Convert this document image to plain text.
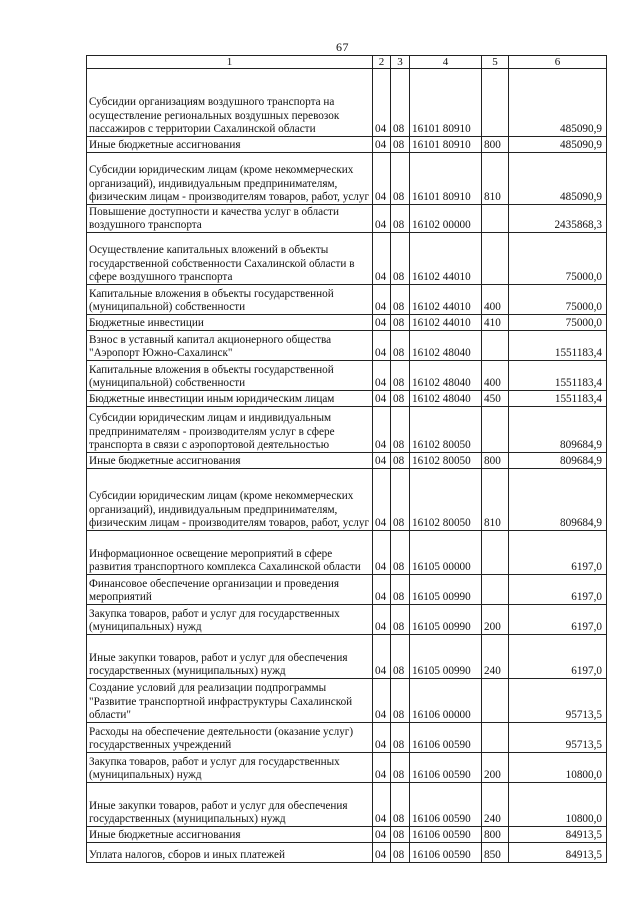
67
1	2	3	4	5	6
Субсидии организациям воздушного транспорта на осуществление региональных воздушных перевозок пассажиров с территории Сахалинской области	04	08	16101 80910		485090,9
Иные бюджетные ассигнования	04	08	16101 80910	800	485090,9
Субсидии юридическим лицам (кроме некоммерческих организаций), индивидуальным предпринимателям, физическим лицам - производителям товаров, работ, услуг	04	08	16101 80910	810	485090,9
Повышение доступности и качества услуг в области воздушного транспорта	04	08	16102 00000		2435868,3
Осуществление капитальных вложений в объекты государственной собственности Сахалинской области в сфере воздушного транспорта	04	08	16102 44010		75000,0
Капитальные вложения в объекты государственной (муниципальной) собственности	04	08	16102 44010	400	75000,0
Бюджетные инвестиции	04	08	16102 44010	410	75000,0
Взнос в уставный капитал акционерного общества "Аэропорт Южно-Сахалинск"	04	08	16102 48040		1551183,4
Капитальные вложения в объекты государственной (муниципальной) собственности	04	08	16102 48040	400	1551183,4
Бюджетные инвестиции иным юридическим лицам	04	08	16102 48040	450	1551183,4
Субсидии юридическим лицам и индивидуальным предпринимателям - производителям услуг в сфере транспорта в связи с аэропортовой деятельностью	04	08	16102 80050		809684,9
Иные бюджетные ассигнования	04	08	16102 80050	800	809684,9
Субсидии юридическим лицам (кроме некоммерческих организаций), индивидуальным предпринимателям, физическим лицам - производителям товаров, работ, услуг	04	08	16102 80050	810	809684,9
Информационное освещение мероприятий в сфере развития транспортного комплекса Сахалинской области	04	08	16105 00000		6197,0
Финансовое обеспечение организации и проведения мероприятий	04	08	16105 00990		6197,0
Закупка товаров, работ и услуг для государственных (муниципальных) нужд	04	08	16105 00990	200	6197,0
Иные закупки товаров, работ и услуг для обеспечения государственных (муниципальных) нужд	04	08	16105 00990	240	6197,0
Создание условий для реализации подпрограммы "Развитие транспортной инфраструктуры Сахалинской области"	04	08	16106 00000		95713,5
Расходы на обеспечение деятельности (оказание услуг) государственных учреждений	04	08	16106 00590		95713,5
Закупка товаров, работ и услуг для государственных (муниципальных) нужд	04	08	16106 00590	200	10800,0
Иные закупки товаров, работ и услуг для обеспечения государственных (муниципальных) нужд	04	08	16106 00590	240	10800,0
Иные бюджетные ассигнования	04	08	16106 00590	800	84913,5
Уплата налогов, сборов и иных платежей	04	08	16106 00590	850	84913,5
